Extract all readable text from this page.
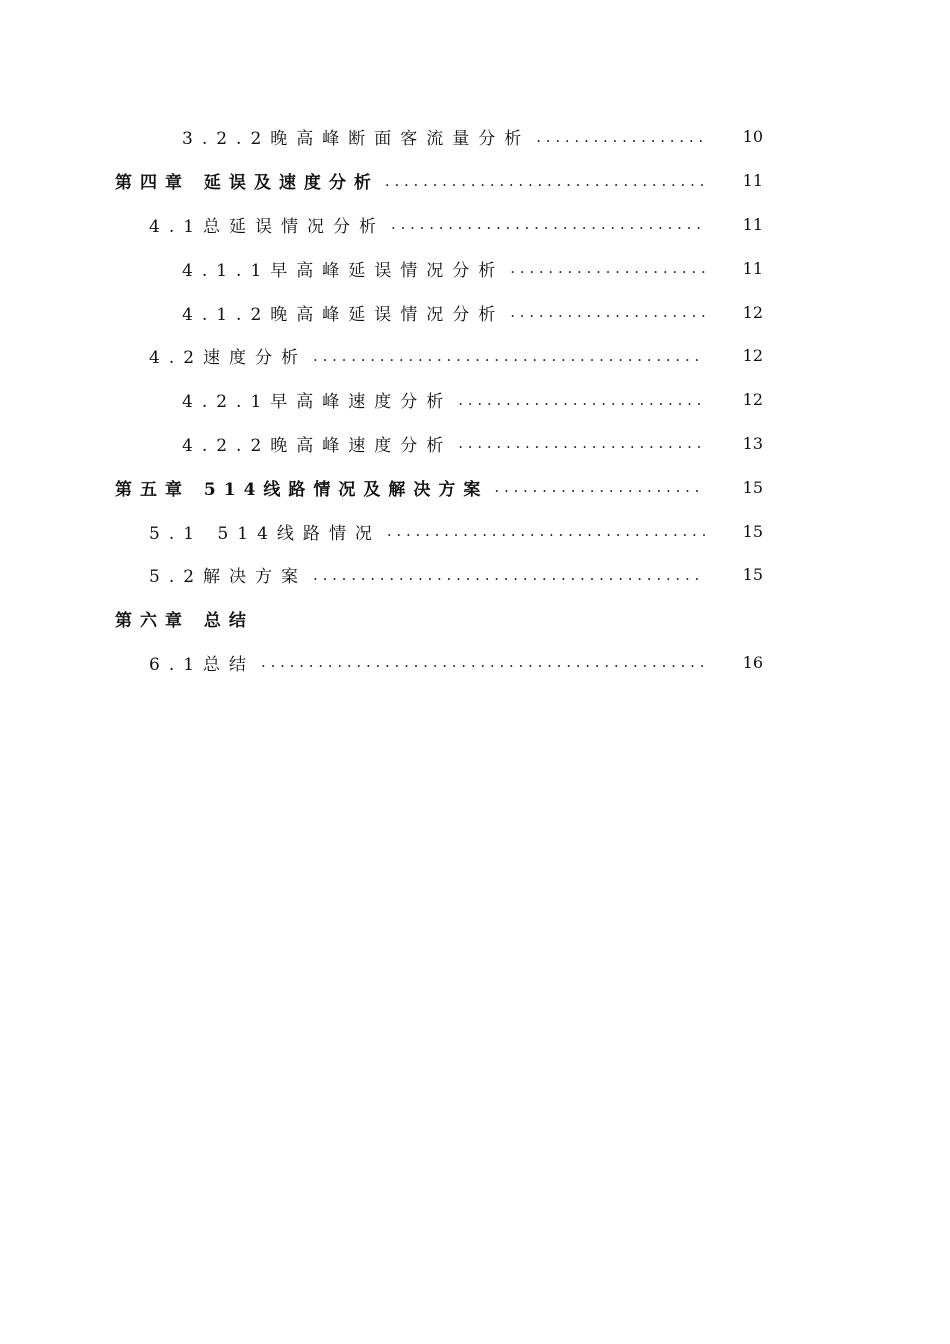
3.2.2晚高峰断面客流量分析 . . .	10
第四章 延误及速度分析 . . .	11
4.1总延误情况分析 . . .	11
4.1.1早高峰延误情况分析 . . .	11
4.1.2晚高峰延误情况分析 . . .	12
4.2速度分析 . . .	12
4.2.1早高峰速度分析 . . .	12
4.2.2晚高峰速度分析 . . .	13
第五章 514线路情况及解决方案 . . .	15
5.1 514线路情况 . . .	15
5.2解决方案 . . .	15
第六章 总结
6.1总结 . . .	16
